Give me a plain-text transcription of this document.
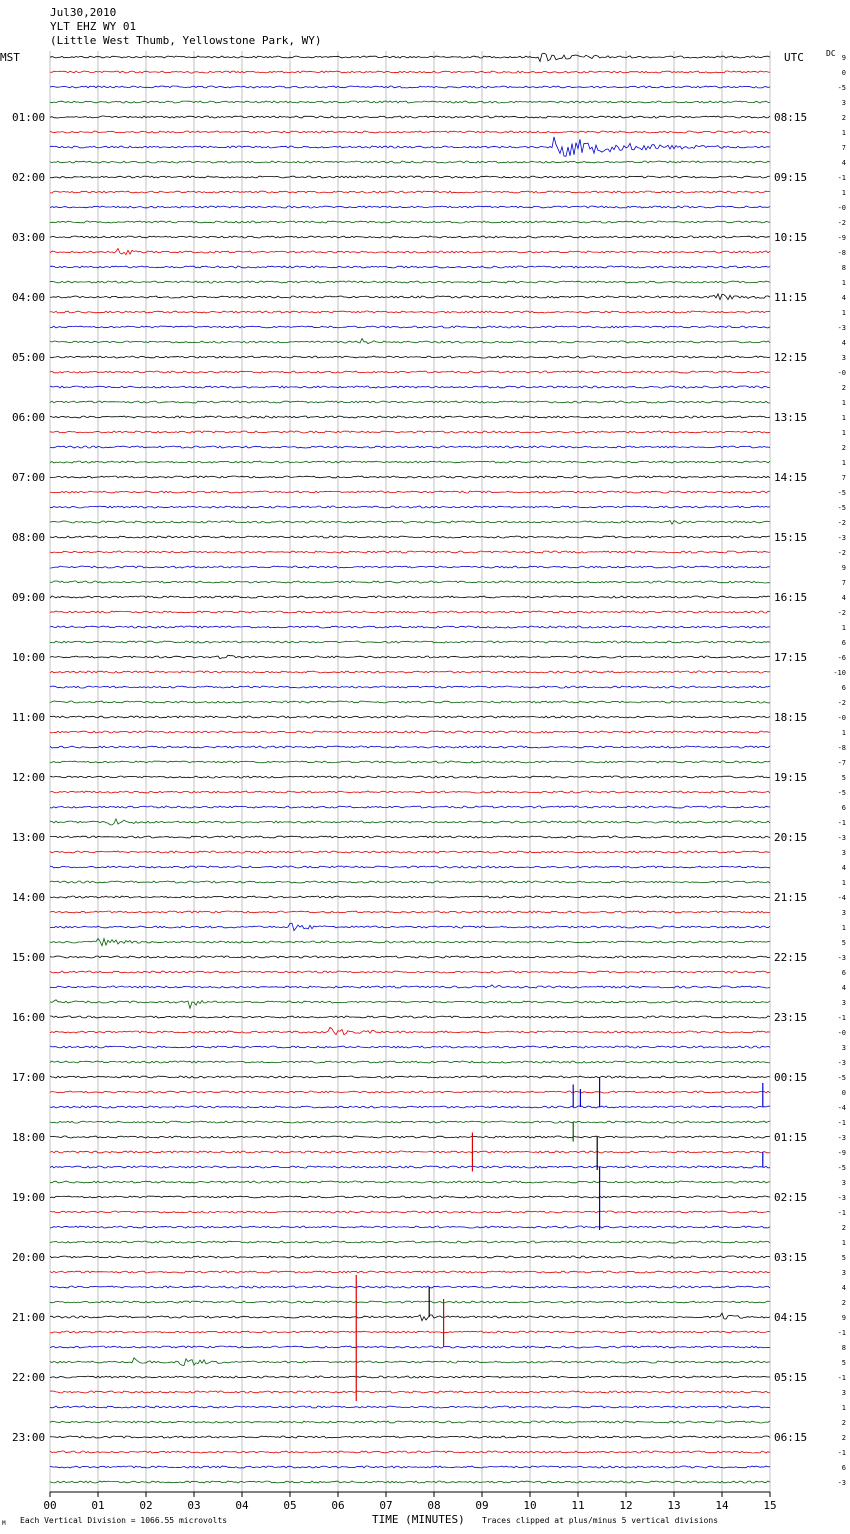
Jul30,2010
YLT EHZ WY 01
(Little West Thumb, Yellowstone Park, WY)
MST	UTC	DC
01:00
02:00
03:00
04:00
05:00
06:00
07:00
08:00
09:00
10:00
11:00
12:00
13:00
14:00
15:00
16:00
17:00
18:00
19:00
20:00
21:00
22:00
23:00
08:15
09:15
10:15
11:15
12:15
13:15
14:15
15:15
16:15
17:15
18:15
19:15
20:15
21:15
22:15
23:15
00:15
01:15
02:15
03:15
04:15
05:15
06:15
9
0
-5
3
2
1
7
4
-1
1
-0
-2
-9
-8
8
1
4
1
-3
4
3
-0
2
1
1
1
2
1
7
-5
-5
-2
-3
-2
9
7
4
-2
1
6
-6
-10
6
-2
-0
1
-8
-7
5
-5
6
-1
-3
3
4
1
-4
3
1
5
-3
6
4
3
-1
-0
3
-3
-5
0
-4
-1
-3
-9
-5
3
-3
-1
2
1
5
3
4
2
9
-1
8
5
-1
3
1
2
2
-1
6
-3
00	01	02	03	04	05	06	07	08	09	10	11	12	13	14	15
TIME (MINUTES)
Each Vertical Division = 1066.55 microvolts	Traces clipped at plus/minus 5 vertical divisions
M
